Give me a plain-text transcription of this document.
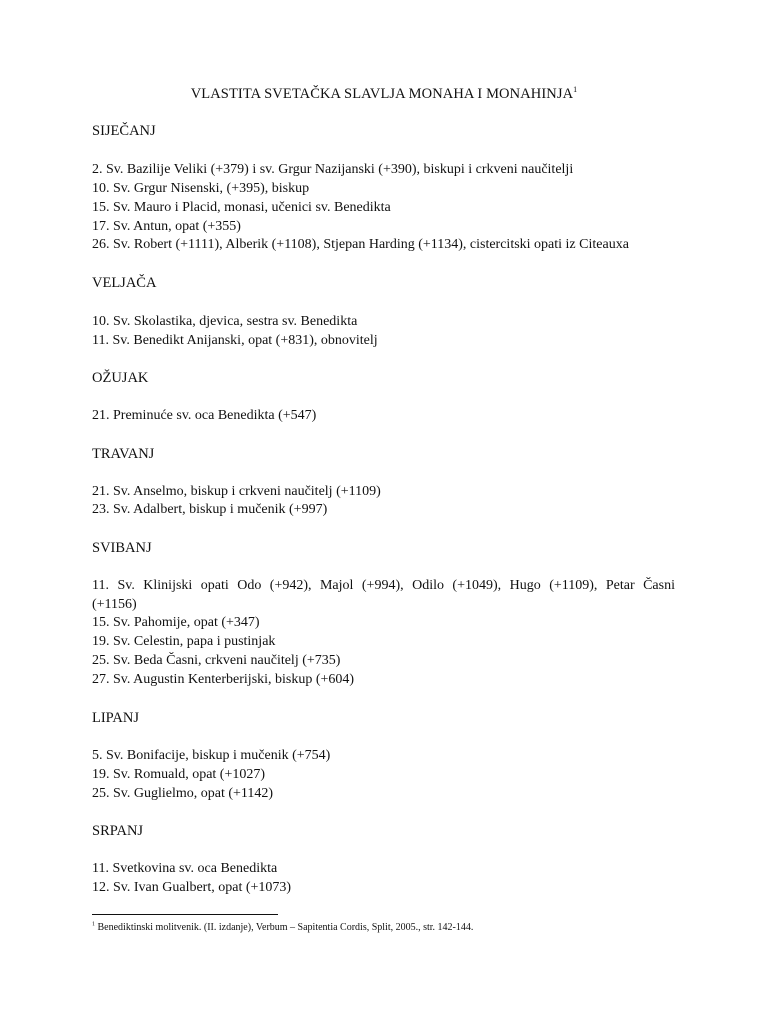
VLASTITA SVETAČKA SLAVLJA MONAHA I MONAHINJA$^1$
SIJEČANJ
2. Sv. Bazilije Veliki (+379) i sv. Grgur Nazijanski (+390), biskupi i crkveni naučitelji
10. Sv. Grgur Nisenski, (+395), biskup
15. Sv. Mauro i Placid, monasi, učenici sv. Benedikta
17. Sv. Antun, opat (+355)
26. Sv. Robert (+1111), Alberik (+1108), Stjepan Harding (+1134), cistercitski opati iz Citeauxa
VELJAČA
10. Sv. Skolastika, djevica, sestra sv. Benedikta
11. Sv. Benedikt Anijanski, opat (+831), obnovitelj
OŽUJAK
21. Preminuće sv. oca Benedikta (+547)
TRAVANJ
21. Sv. Anselmo, biskup i crkveni naučitelj (+1109)
23. Sv. Adalbert, biskup i mučenik (+997)
SVIBANJ
11. Sv. Klinijski opati Odo (+942), Majol (+994), Odilo (+1049), Hugo (+1109), Petar Časni
(+1156)
15. Sv. Pahomije, opat (+347)
19. Sv. Celestin, papa i pustinjak
25. Sv. Beda Časni, crkveni naučitelj (+735)
27. Sv. Augustin Kenterberijski, biskup (+604)
LIPANJ
5. Sv. Bonifacije, biskup i mučenik (+754)
19. Sv. Romuald, opat (+1027)
25. Sv. Guglielmo, opat (+1142)
SRPANJ
11. Svetkovina sv. oca Benedikta
12. Sv. Ivan Gualbert, opat (+1073)
$^1$ Benediktinski molitvenik. (II. izdanje), Verbum – Sapitentia Cordis, Split, 2005., str. 142-144.
